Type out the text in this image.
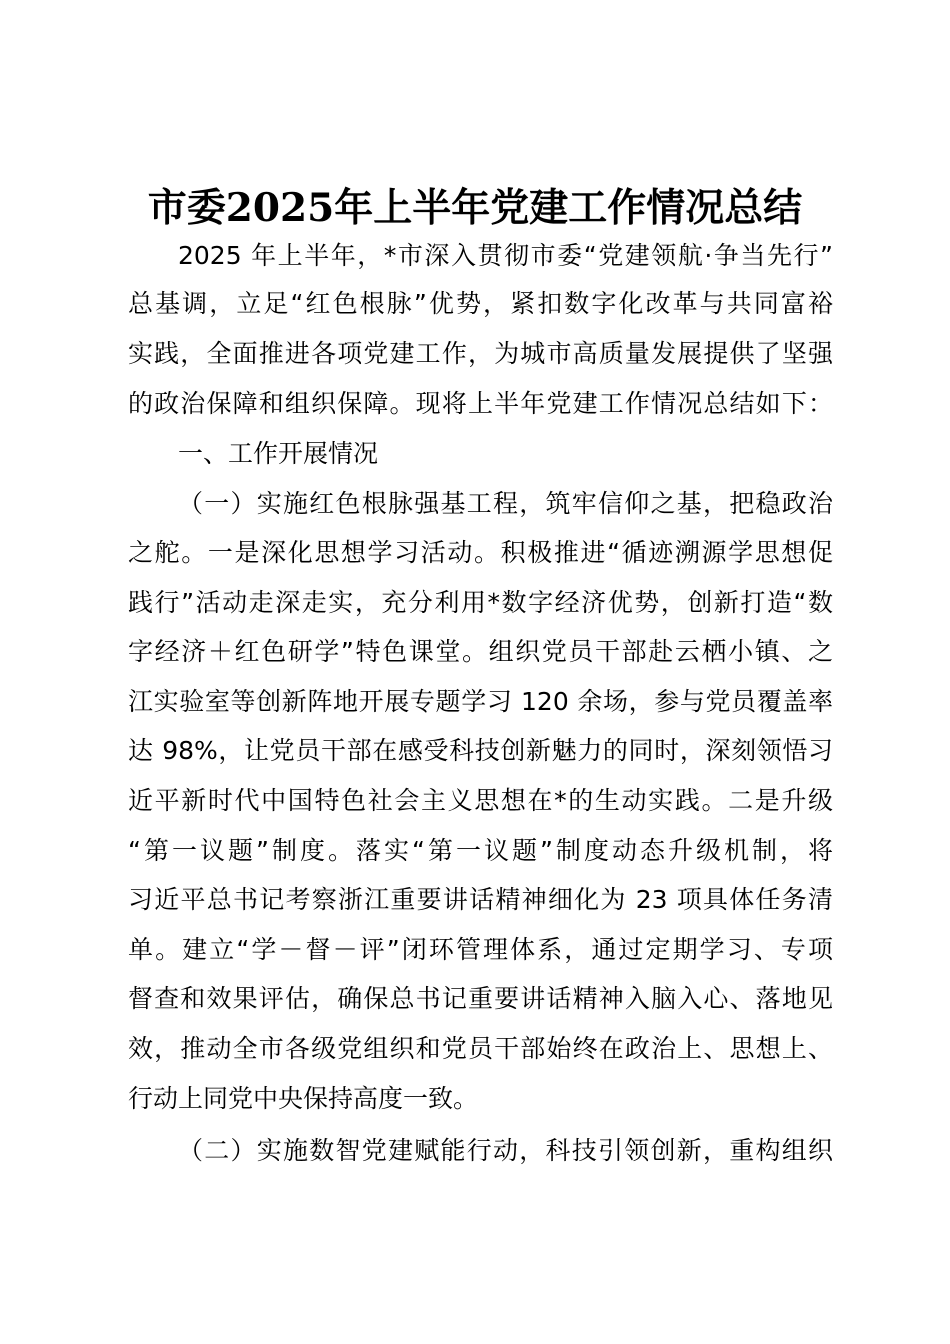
市委2025年上半年党建工作情况总结

2025 年上半年，*市深入贯彻市委“党建领航·争当先行”

总基调，立足“红色根脉”优势，紧扣数字化改革与共同富裕

实践，全面推进各项党建工作，为城市高质量发展提供了坚强

的政治保障和组织保障。现将上半年党建工作情况总结如下：

一、工作开展情况

（一）实施红色根脉强基工程，筑牢信仰之基，把稳政治

之舵。一是深化思想学习活动。积极推进“循迹溯源学思想促

践行”活动走深走实，充分利用*数字经济优势，创新打造“数

字经济＋红色研学”特色课堂。组织党员干部赴云栖小镇、之

江实验室等创新阵地开展专题学习 120 余场，参与党员覆盖率

达 98%，让党员干部在感受科技创新魅力的同时，深刻领悟习

近平新时代中国特色社会主义思想在*的生动实践。二是升级

“第一议题”制度。落实“第一议题”制度动态升级机制，将

习近平总书记考察浙江重要讲话精神细化为 23 项具体任务清

单。建立“学－督－评”闭环管理体系，通过定期学习、专项

督查和效果评估，确保总书记重要讲话精神入脑入心、落地见

效，推动全市各级党组织和党员干部始终在政治上、思想上、

行动上同党中央保持高度一致。

（二）实施数智党建赋能行动，科技引领创新，重构组织
